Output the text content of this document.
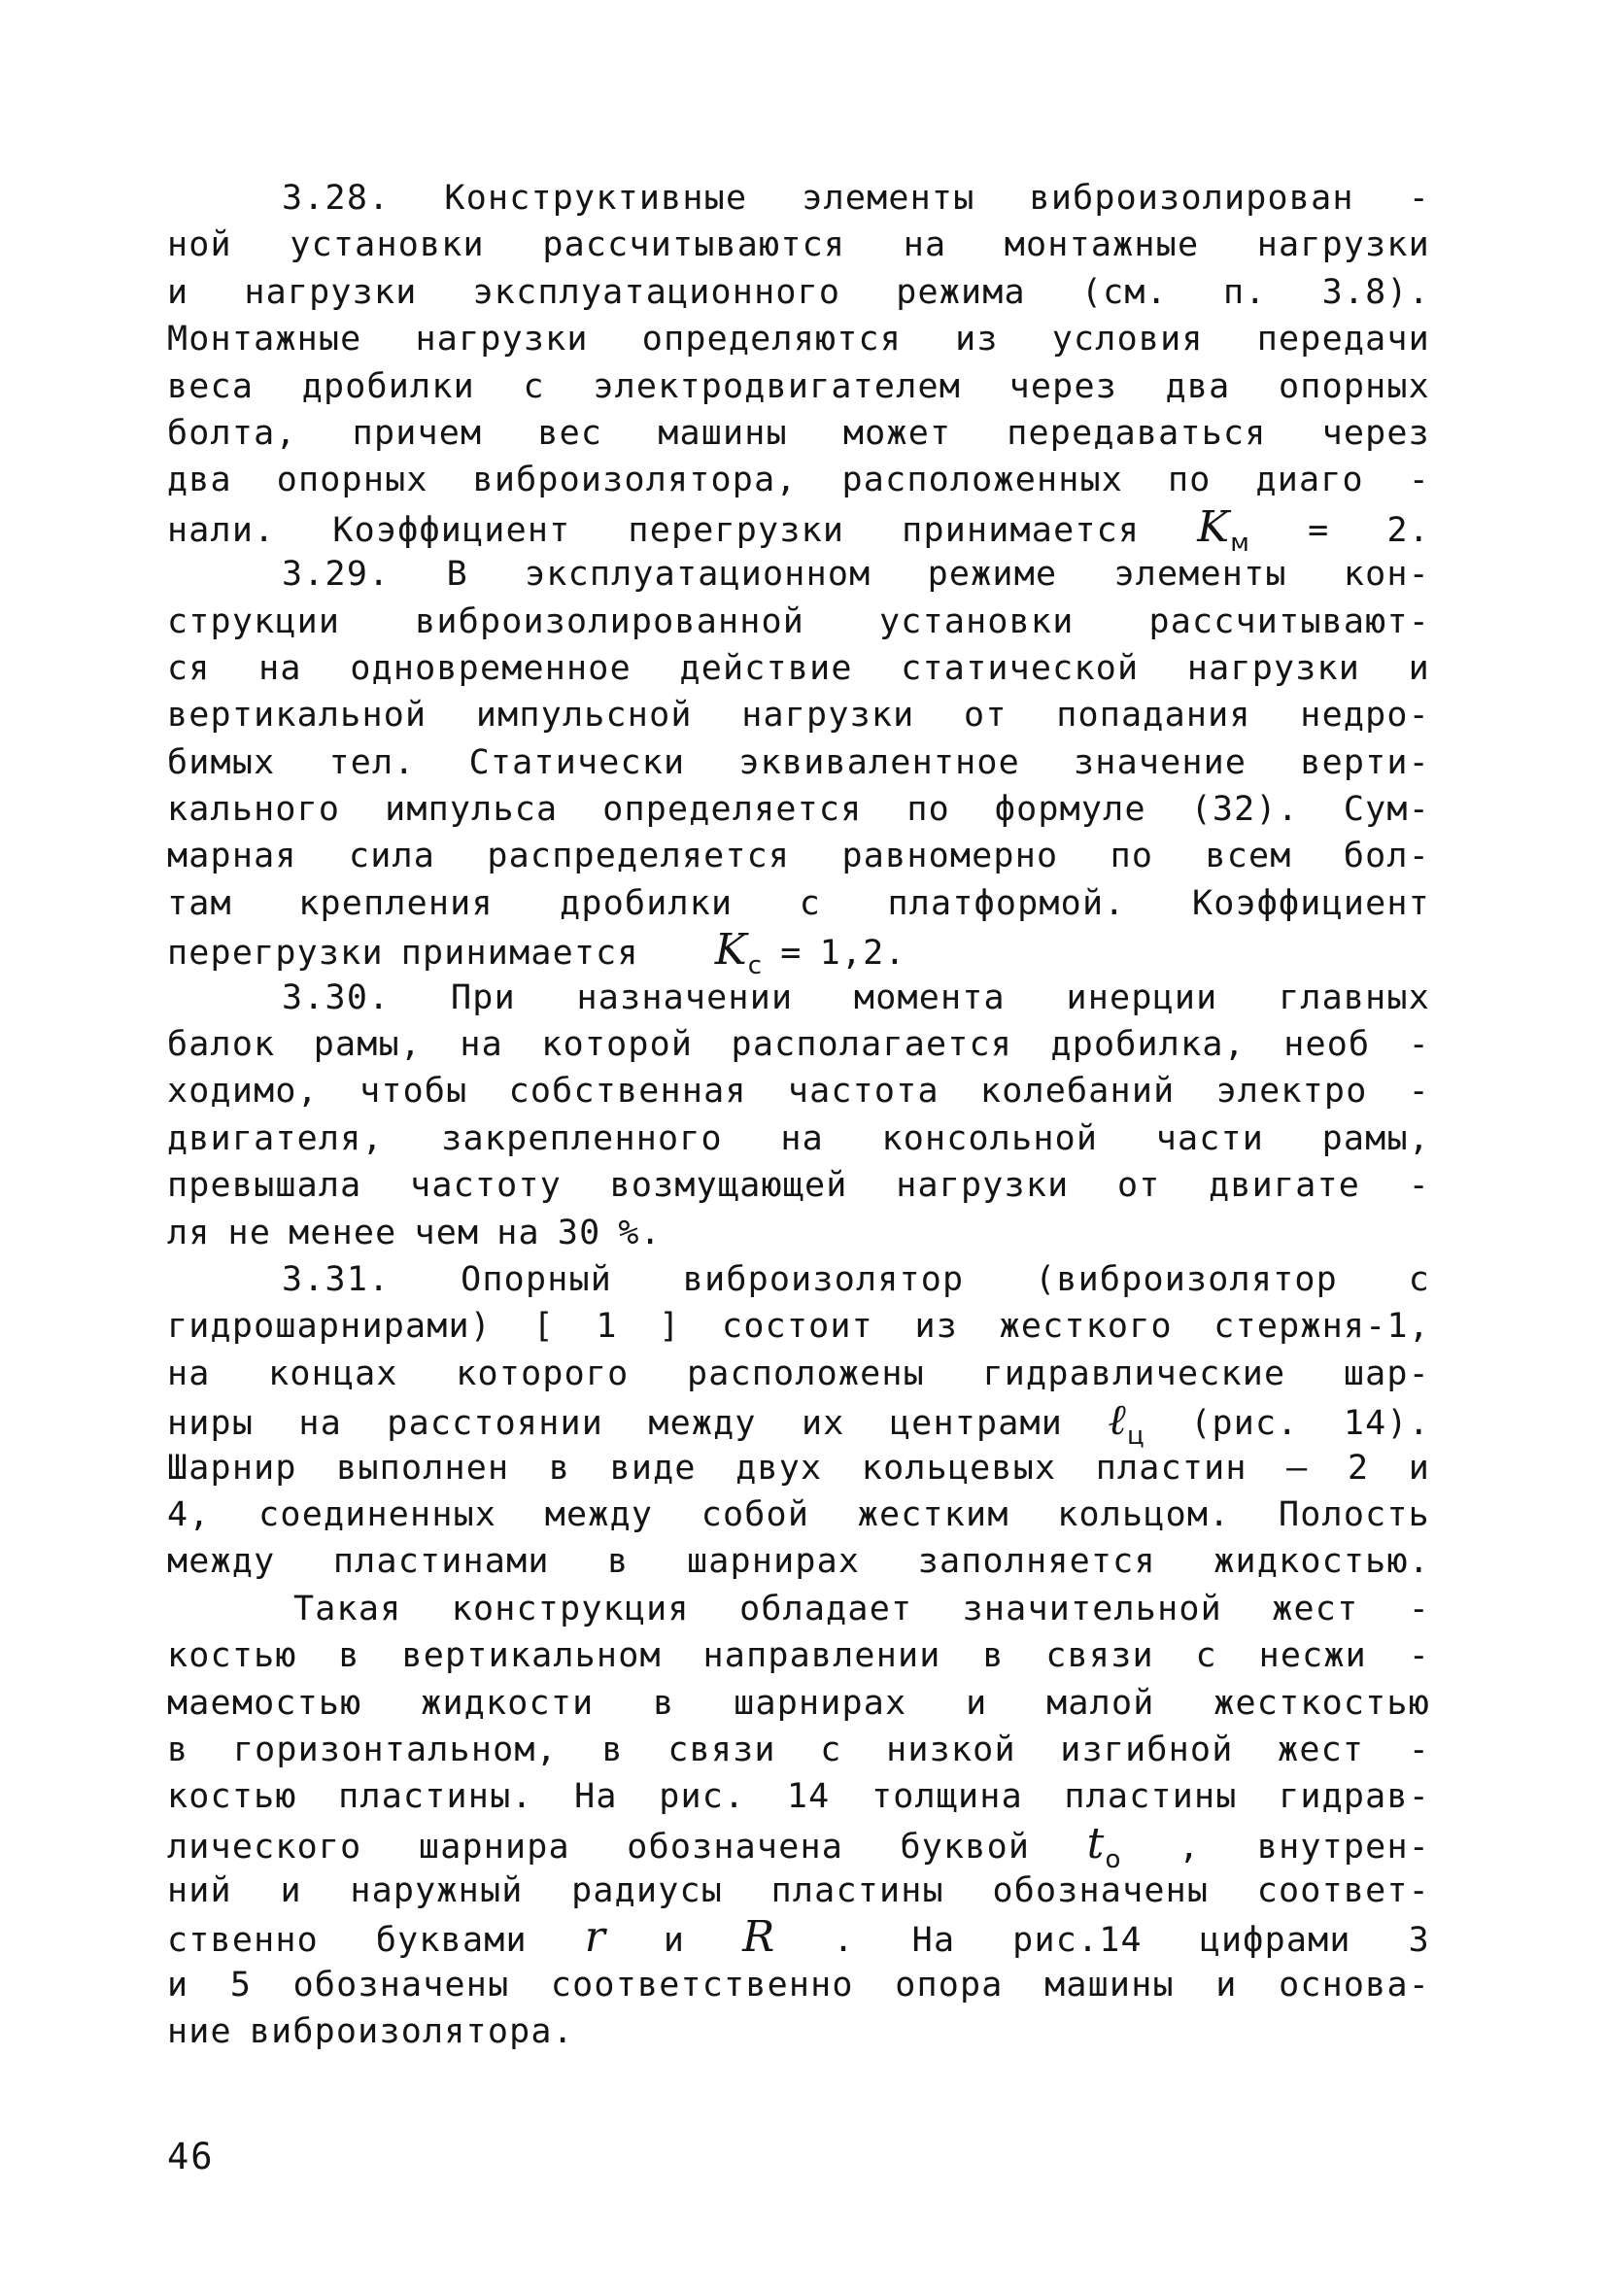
3.28. Конструктивные элементы виброизолирован -
ной установки рассчитываются на монтажные нагрузки
и нагрузки эксплуатационного режима (см. п. 3.8).
Монтажные нагрузки определяются из условия передачи
веса дробилки с электродвигателем через два опорных
болта, причем вес машины может передаваться через
два опорных виброизолятора, расположенных по диаго -
нали. Коэффициент перегрузки принимается $K_м = 2$.
3.29. В эксплуатационном режиме элементы кон-
струкции виброизолированной установки рассчитывают-
ся на одновременное действие статической нагрузки и
вертикальной импульсной нагрузки от попадания недро-
бимых тел. Статически эквивалентное значение верти-
кального импульса определяется по формуле (32). Сум-
марная сила распределяется равномерно по всем бол-
там крепления дробилки с платформой. Коэффициент
перегрузки принимается $K_c = 1,2$.
3.30. При назначении момента инерции главных
балок рамы, на которой располагается дробилка, необ -
ходимо, чтобы собственная частота колебаний электро -
двигателя, закрепленного на консольной части рамы,
превышала частоту возмущающей нагрузки от двигате -
ля не менее чем на 30 %.
3.31. Опорный виброизолятор (виброизолятор с
гидрошарнирами) [ 1 ] состоит из жесткого стержня-1,
на концах которого расположены гидравлические шар-
ниры на расстоянии между их центрами ℓ$_ц$ (рис. 14).
Шарнир выполнен в виде двух кольцевых пластин – 2 и
4, соединенных между собой жестким кольцом. Полость
между пластинами в шарнирах заполняется жидкостью.
Такая конструкция обладает значительной жест -
костью в вертикальном направлении в связи с несжи -
маемостью жидкости в шарнирах и малой жесткостью
в горизонтальном, в связи с низкой изгибной жест -
костью пластины. На рис. 14 толщина пластины гидрав-
лического шарнира обозначена буквой $t_o$ , внутрен-
ний и наружный радиусы пластины обозначены соответ-
ственно буквами r и R . На рис.14 цифрами 3
и 5 обозначены соответственно опора машины и основа-
ние виброизолятора.
46
